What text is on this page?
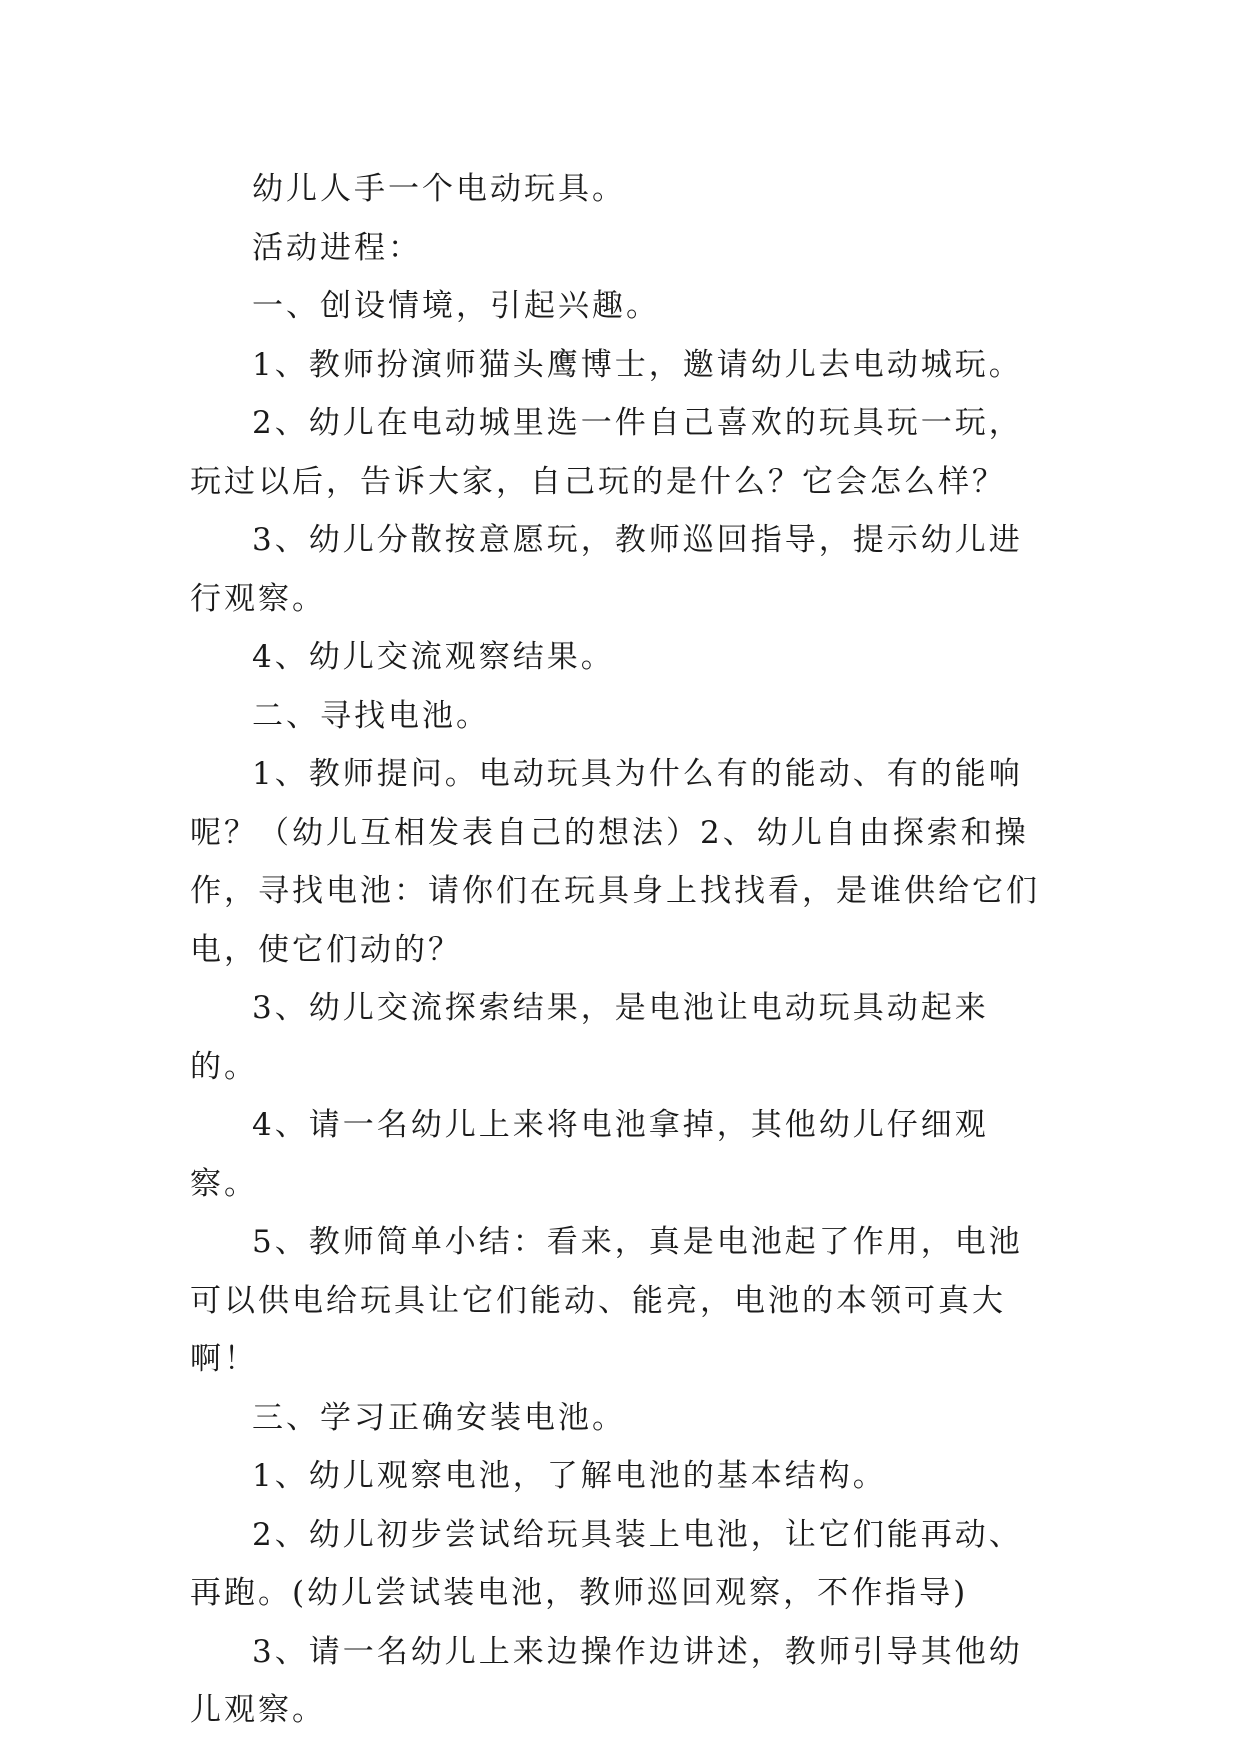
幼儿人手一个电动玩具。

活动进程：

一、创设情境，引起兴趣。

1、教师扮演师猫头鹰博士，邀请幼儿去电动城玩。

2、幼儿在电动城里选一件自己喜欢的玩具玩一玩，玩过以后，告诉大家，自己玩的是什么？它会怎么样？

3、幼儿分散按意愿玩，教师巡回指导，提示幼儿进行观察。

4、幼儿交流观察结果。

二、寻找电池。

1、教师提问。电动玩具为什么有的能动、有的能响呢？（幼儿互相发表自己的想法）2、幼儿自由探索和操作，寻找电池：请你们在玩具身上找找看，是谁供给它们电，使它们动的？

3、幼儿交流探索结果，是电池让电动玩具动起来的。

4、请一名幼儿上来将电池拿掉，其他幼儿仔细观察。

5、教师简单小结：看来，真是电池起了作用，电池可以供电给玩具让它们能动、能亮，电池的本领可真大啊！

三、学习正确安装电池。

1、幼儿观察电池，了解电池的基本结构。

2、幼儿初步尝试给玩具装上电池，让它们能再动、再跑。(幼儿尝试装电池，教师巡回观察，不作指导)

3、请一名幼儿上来边操作边讲述，教师引导其他幼儿观察。
